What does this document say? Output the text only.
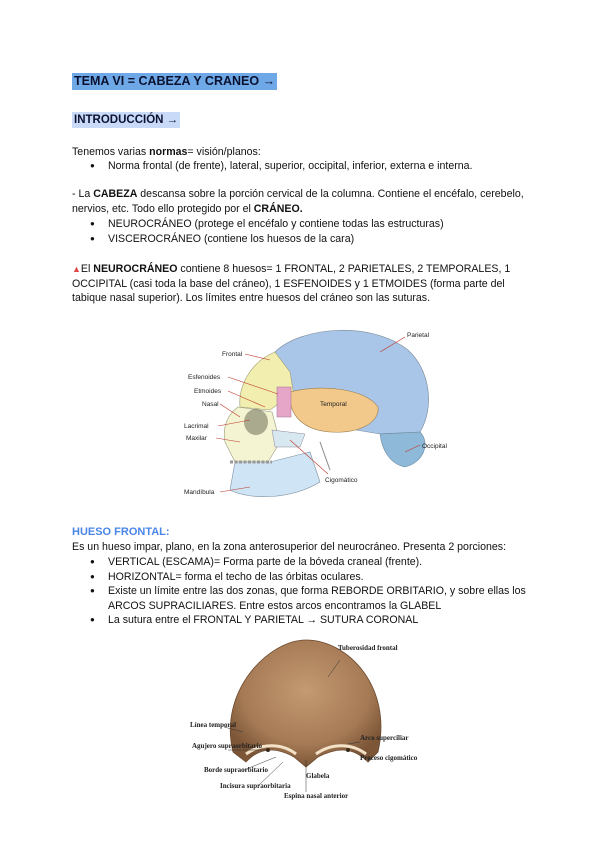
TEMA VI = CABEZA Y CRANEO →
INTRODUCCIÓN →
Tenemos varias normas= visión/planos:
● Norma frontal (de frente), lateral, superior, occipital, inferior, externa e interna.
- La CABEZA descansa sobre la porción cervical de la columna. Contiene el encéfalo, cerebelo, nervios, etc. Todo ello protegido por el CRÁNEO.
● NEUROCRÁNEO (protege el encéfalo y contiene todas las estructuras)
● VISCEROCRÁNEO (contiene los huesos de la cara)
▲El NEUROCRÁNEO contiene 8 huesos= 1 FRONTAL, 2 PARIETALES, 2 TEMPORALES, 1 OCCIPITAL (casi toda la base del cráneo), 1 ESFENOIDES y 1 ETMOIDES (forma parte del tabique nasal superior). Los límites entre huesos del cráneo son las suturas.
Frontal
Esfenoides
Etmoides
Nasal
Lacrimal
Maxilar
Mandíbula
Parietal
Temporal
Occipital
Cigomático
HUESO FRONTAL:
Es un hueso impar, plano, en la zona anterosuperior del neurocráneo. Presenta 2 porciones:
● VERTICAL (ESCAMA)= Forma parte de la bóveda craneal (frente).
● HORIZONTAL= forma el techo de las órbitas oculares.
● Existe un límite entre las dos zonas, que forma REBORDE ORBITARIO, y sobre ellas los ARCOS SUPRACILIARES. Entre estos arcos encontramos la GLABEL
● La sutura entre el FRONTAL Y PARIETAL → SUTURA CORONAL
Tuberosidad frontal
Línea temporal
Agujero supraorbitario
Borde supraorbitario
Incisura supraorbitaria
Glabela
Espina nasal anterior
Arco superciliar
Proceso cigomático
